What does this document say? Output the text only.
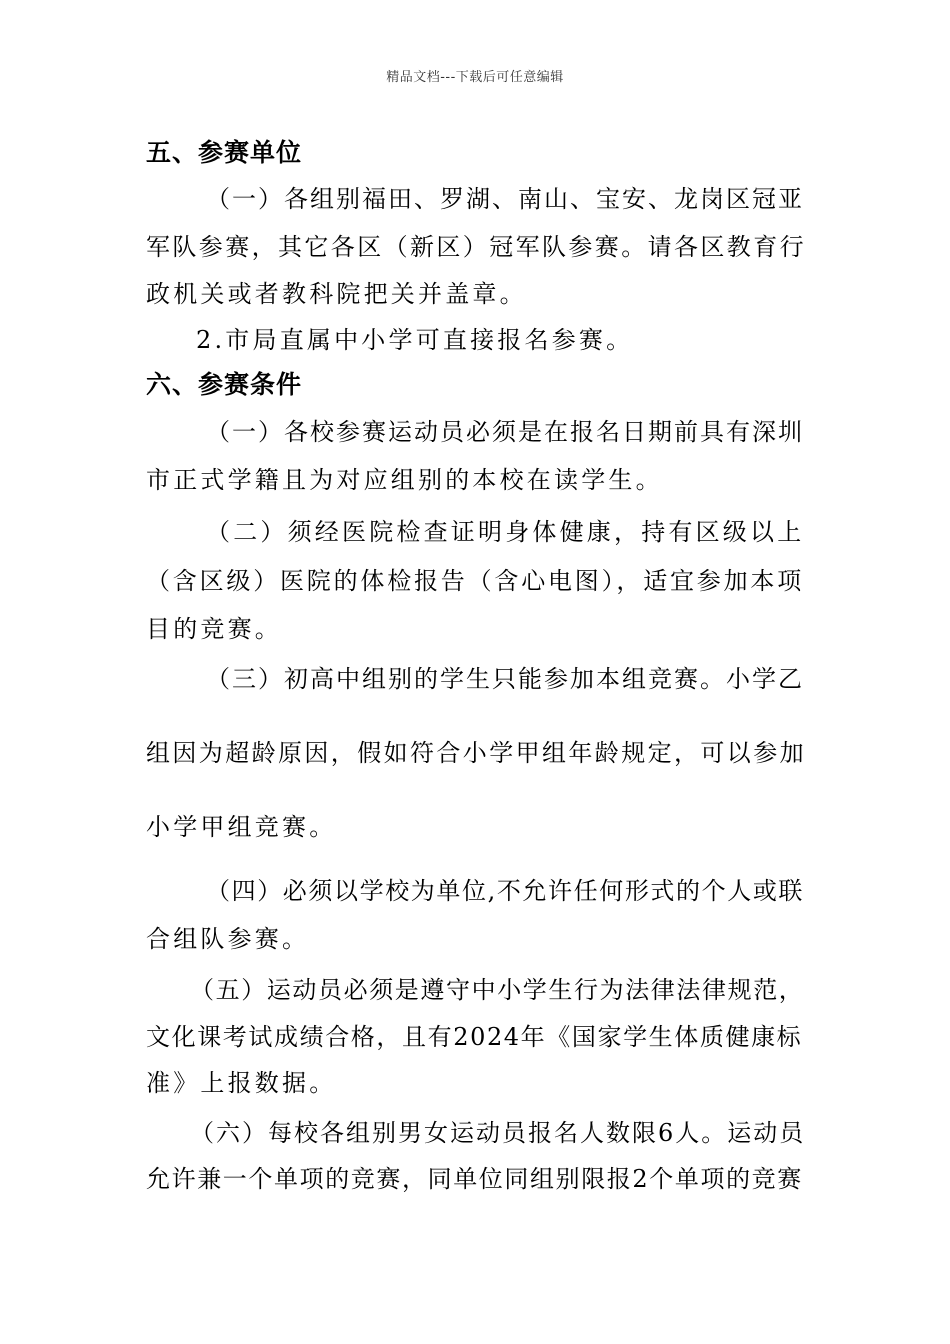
精品文档---下载后可任意编辑
五、参赛单位
（一）各组别福田、罗湖、南山、宝安、龙岗区冠亚
军队参赛，其它各区（新区）冠军队参赛。请各区教育行
政机关或者教科院把关并盖章。
2.市局直属中小学可直接报名参赛。
六、参赛条件
（一）各校参赛运动员必须是在报名日期前具有深圳
市正式学籍且为对应组别的本校在读学生。
（二）须经医院检查证明身体健康，持有区级以上
（含区级）医院的体检报告（含心电图），适宜参加本项
目的竞赛。
（三）初高中组别的学生只能参加本组竞赛。小学乙
组因为超龄原因，假如符合小学甲组年龄规定，可以参加
小学甲组竞赛。
（四）必须以学校为单位,不允许任何形式的个人或联
合组队参赛。
（五）运动员必须是遵守中小学生行为法律法律规范，
文化课考试成绩合格，且有2024年《国家学生体质健康标
准》上报数据。
（六）每校各组别男女运动员报名人数限6人。运动员
允许兼一个单项的竞赛，同单位同组别限报2个单项的竞赛
